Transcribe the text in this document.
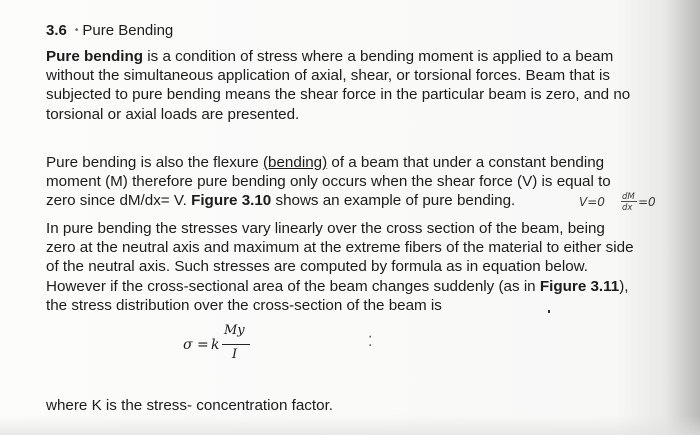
3.6 • Pure Bending
Pure bending is a condition of stress where a bending moment is applied to a beam
without the simultaneous application of axial, shear, or torsional forces. Beam that is
subjected to pure bending means the shear force in the particular beam is zero, and no
torsional or axial loads are presented.
Pure bending is also the flexure (bending) of a beam that under a constant bending
moment (M) therefore pure bending only occurs when the shear force (V) is equal to
zero since dM/dx= V. Figure 3.10 shows an example of pure bending.	V=0 dM
dx =0
In pure bending the stresses vary linearly over the cross section of the beam, being
zero at the neutral axis and maximum at the extreme fibers of the material to either side
of the neutral axis. Such stresses are computed by formula as in equation below.
However if the cross-sectional area of the beam changes suddenly (as in Figure 3.11),
the stress distribution over the cross-section of the beam is
σ = k
My
I
⁚
where K is the stress- concentration factor.
